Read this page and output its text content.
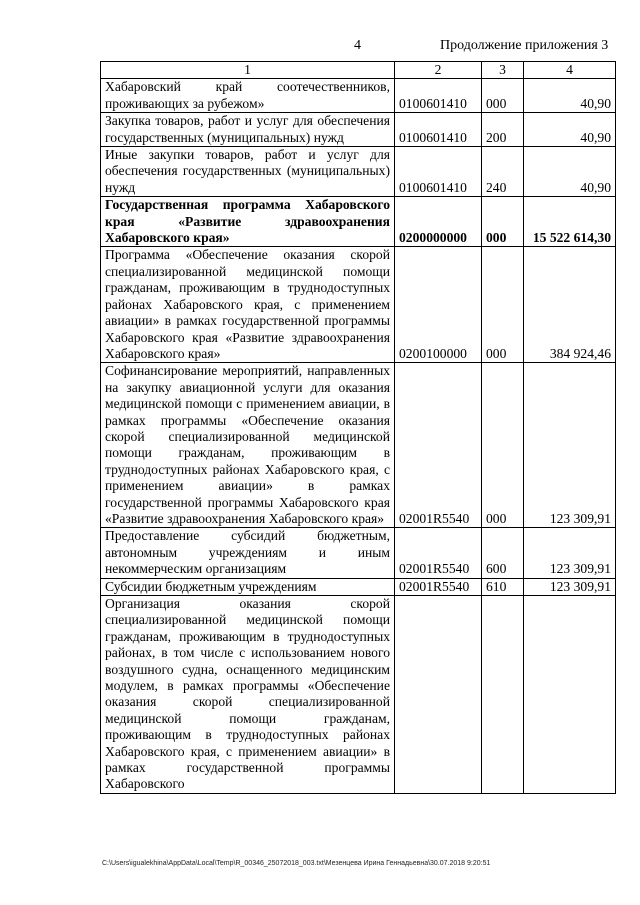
4	Продолжение приложения 3
1	2	3	4
Хабаровский край соотечественников, проживающих за рубежом»	0100601410	000	40,90
Закупка товаров, работ и услуг для обеспечения государственных (муниципальных) нужд	0100601410	200	40,90
Иные закупки товаров, работ и услуг для обеспечения государственных (муниципальных) нужд	0100601410	240	40,90
Государственная программа Хабаровского края «Развитие здравоохранения Хабаровского края»	0200000000	000	15 522 614,30
Программа «Обеспечение оказания скорой специализированной медицинской помощи гражданам, проживающим в труднодоступных районах Хабаровского края, с применением авиации» в рамках государственной программы Хабаровского края «Развитие здравоохранения Хабаровского края»	0200100000	000	384 924,46
Софинансирование мероприятий, направленных на закупку авиационной услуги для оказания медицинской помощи с применением авиации, в рамках программы «Обеспечение оказания скорой специализированной медицинской помощи гражданам, проживающим в труднодоступных районах Хабаровского края, с применением авиации» в рамках государственной программы Хабаровского края «Развитие здравоохранения Хабаровского края»	02001R5540	000	123 309,91
Предоставление субсидий бюджетным, автономным учреждениям и иным некоммерческим организациям	02001R5540	600	123 309,91
Субсидии бюджетным учреждениям	02001R5540	610	123 309,91
Организация оказания скорой специализированной медицинской помощи гражданам, проживающим в труднодоступных районах, в том числе с использованием нового воздушного судна, оснащенного медицинским модулем, в рамках программы «Обеспечение оказания скорой специализированной медицинской помощи гражданам, проживающим в труднодоступных районах Хабаровского края, с применением авиации» в рамках государственной программы Хабаровского			
C:\Users\igualekhina\AppData\Local\Temp\R_00346_25072018_003.txt\Мезенцева Ирина Геннадьевна\30.07.2018 9:20:51
